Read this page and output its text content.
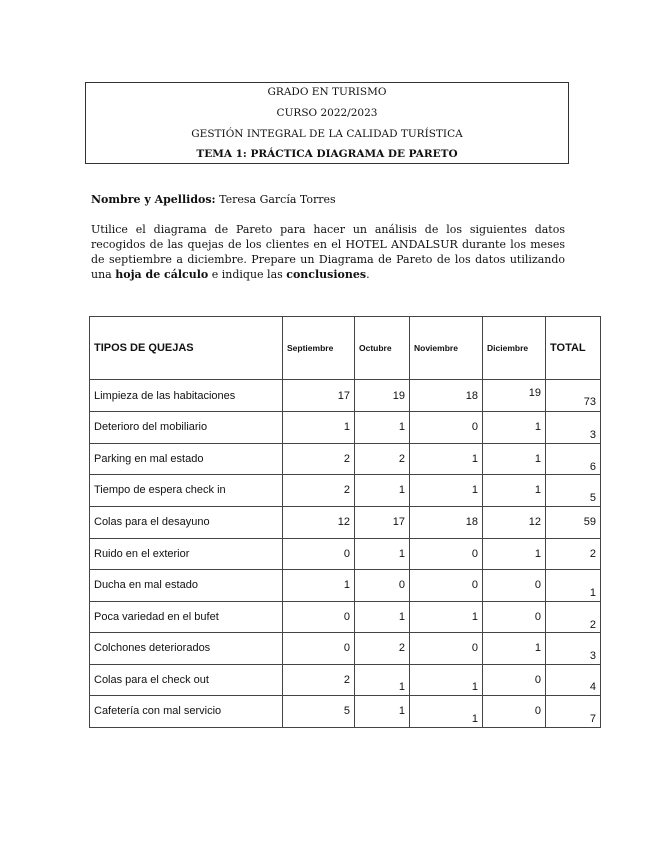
GRADO EN TURISMO
CURSO 2022/2023
GESTIÓN INTEGRAL DE LA CALIDAD TURÍSTICA
TEMA 1: PRÁCTICA DIAGRAMA DE PARETO
Nombre y Apellidos: Teresa García Torres
Utilice el diagrama de Pareto para hacer un análisis de los siguientes datos recogidos de las quejas de los clientes en el HOTEL ANDALSUR durante los meses de septiembre a diciembre. Prepare un Diagrama de Pareto de los datos utilizando una hoja de cálculo e indique las conclusiones.
TIPOS DE QUEJAS	Septiembre	Octubre	Noviembre	Diciembre	TOTAL
Limpieza de las habitaciones	17	19	18	19	73
Deterioro del mobiliario	1	1	0	1	3
Parking en mal estado	2	2	1	1	6
Tiempo de espera check in	2	1	1	1	5
Colas para el desayuno	12	17	18	12	59
Ruido en el exterior	0	1	0	1	2
Ducha en mal estado	1	0	0	0	1
Poca variedad en el bufet	0	1	1	0	2
Colchones deteriorados	0	2	0	1	3
Colas para el check out	2	1	1	0	4
Cafetería con mal servicio	5	1	1	0	7
